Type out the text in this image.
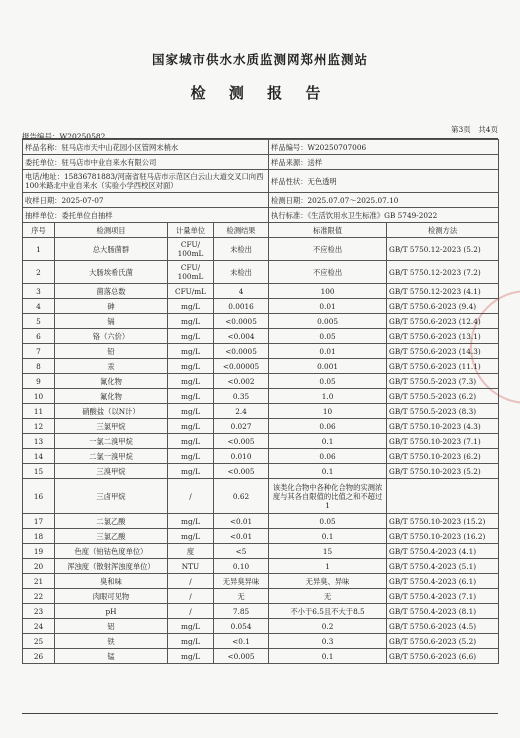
国家城市供水水质监测网郑州监测站
检 测 报 告
第3页　共4页
报告编号：W20250582
样品名称：驻马店市天中山花园小区管网末梢水				样品编号：W20250707006	
委托单位：驻马店市中业自来水有限公司				样品来源：送样	
电话/地址：15836781883/河南省驻马店市示范区白云山大道交叉口向西100米路北中业自来水（实验小学西校区对面）				样品性状：无色透明	
收样日期：2025-07-07				检测日期：2025.07.07～2025.07.10	
抽样单位：委托单位自抽样				执行标准：《生活饮用水卫生标准》GB 5749-2022	
序号	检测项目	计量单位	检测结果	标准限值	检测方法
1	总大肠菌群	CFU/
100mL	未检出	不应检出	GB/T 5750.12-2023 (5.2)
2	大肠埃希氏菌	CFU/
100mL	未检出	不应检出	GB/T 5750.12-2023 (7.2)
3	菌落总数	CFU/mL	4	100	GB/T 5750.12-2023 (4.1)
4	砷	mg/L	0.0016	0.01	GB/T 5750.6-2023 (9.4)
5	镉	mg/L	<0.0005	0.005	GB/T 5750.6-2023 (12.4)
6	铬（六价）	mg/L	<0.004	0.05	GB/T 5750.6-2023 (13.1)
7	铅	mg/L	<0.0005	0.01	GB/T 5750.6-2023 (14.3)
8	汞	mg/L	<0.00005	0.001	GB/T 5750.6-2023 (11.1)
9	氰化物	mg/L	<0.002	0.05	GB/T 5750.5-2023 (7.3)
10	氟化物	mg/L	0.35	1.0	GB/T 5750.5-2023 (6.2)
11	硝酸盐（以N计）	mg/L	2.4	10	GB/T 5750.5-2023 (8.3)
12	三氯甲烷	mg/L	0.027	0.06	GB/T 5750.10-2023 (4.3)
13	一氯二溴甲烷	mg/L	<0.005	0.1	GB/T 5750.10-2023 (7.1)
14	二氯一溴甲烷	mg/L	0.010	0.06	GB/T 5750.10-2023 (6.2)
15	三溴甲烷	mg/L	<0.005	0.1	GB/T 5750.10-2023 (5.2)
16	三卤甲烷	/	0.62	该类化合物中各种化合物的实测浓度与其各自限值的比值之和不超过1	
17	二氯乙酸	mg/L	<0.01	0.05	GB/T 5750.10-2023 (15.2)
18	三氯乙酸	mg/L	<0.01	0.1	GB/T 5750.10-2023 (16.2)
19	色度（铂钴色度单位）	度	<5	15	GB/T 5750.4-2023 (4.1)
20	浑浊度（散射浑浊度单位）	NTU	0.10	1	GB/T 5750.4-2023 (5.1)
21	臭和味	/	无异臭异味	无异臭、异味	GB/T 5750.4-2023 (6.1)
22	肉眼可见物	/	无	无	GB/T 5750.4-2023 (7.1)
23	pH	/	7.85	不小于6.5且不大于8.5	GB/T 5750.4-2023 (8.1)
24	铝	mg/L	0.054	0.2	GB/T 5750.6-2023 (4.5)
25	铁	mg/L	<0.1	0.3	GB/T 5750.6-2023 (5.2)
26	锰	mg/L	<0.005	0.1	GB/T 5750.6-2023 (6.6)
